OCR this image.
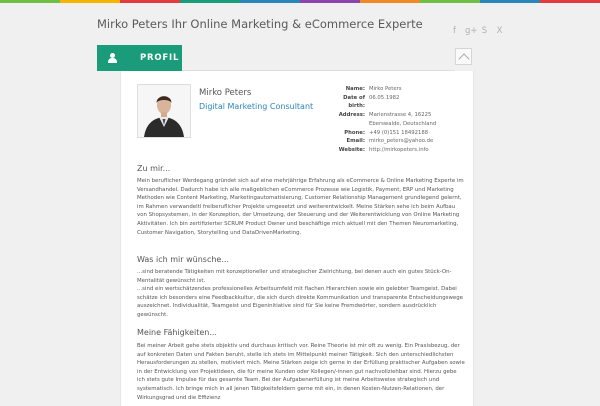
Mirko Peters Ihr Online Marketing & eCommerce Experte	f	g+ S X
PROFIL
Mirko Peters
Digital Marketing Consultant
Name: Mirko Peters
Date of 06.05.1982
birth:
Address: Marienstrasse 4, 16225
Eberswalde, Deutschland
Phone: +49 (0)151 18492188
Email: mirko_peters@yahoo.de
Website: http://mirkopeters.info
Zu mir...

Mein beruflicher Werdegang gründet sich auf eine mehrjährige Erfahrung als eCommerce & Online Marketing Experte im Versandhandel. Dadurch habe ich alle maßgeblichen eCommerce Prozesse wie Logistik, Payment, ERP und Marketing Methoden wie Content Marketing, Marketingautomatisierung, Customer Relationship Management grundlegend gelernt, im Rahmen verwandeltl freiberuflicher Projekte umgesetzt und weiterentwickelt. Meine Stärken sehe ich beim Aufbau von Shopsystemen, in der Konzeption, der Umsetzung, der Steuerung und der Weiterentwicklung von Online Marketing Aktivitäten. Ich bin zertifizierter SCRUM Product Owner und beschäftige mich aktuell mit den Themen Neuromarketing, Customer Navigation, Storytelling und DataDrivenMarketing.

Was ich mir wünsche...

...sind beratende Tätigkeiten mit konzeptioneller und strategischer Zielrichtung, bei denen auch ein gutes Stück-On-Mentalität gewünscht ist.

...sind ein wertschätzendes professionelles Arbeitsumfeld mit flachen Hierarchien sowie ein gelebter Teamgeist. Dabei schätze ich besonders eine Feedbackkultur, die sich durch direkte Kommunikation und transparente Entscheidungswege auszeichnet. Individualität, Teamgeist und Eigeninitiative sind für Sie keine Fremdwörter, sondern ausdrücklich gewünscht.

Meine Fähigkeiten...

Bei meiner Arbeit gehe stets objektiv und durchaus kritisch vor. Reine Theorie ist mir oft zu wenig. Ein Praxisbezug, der auf konkreten Daten und Fakten beruht, stelle ich stets im Mittelpunkt meiner Tätigkeit. Sich den unterschiedlichsten Herausforderungen zu stellen, motiviert mich. Meine Stärken zeige ich gerne in der Erfüllung praktischer Aufgaben sowie in der Entwicklung von Projektideen, die für meine Kunden oder Kollegen/-innen gut nachvollziehbar sind. Hierzu gebe ich stets gute Impulse für das gesamte Team. Bei der Aufgabenerfüllung ist meine Arbeitsweise strategisch und systematisch. Ich bringe mich in all jenen Tätigkeitsfeldern gerne mit ein, in denen Kosten-Nutzen-Relationen, der Wirkungsgrad und die Effizienz
